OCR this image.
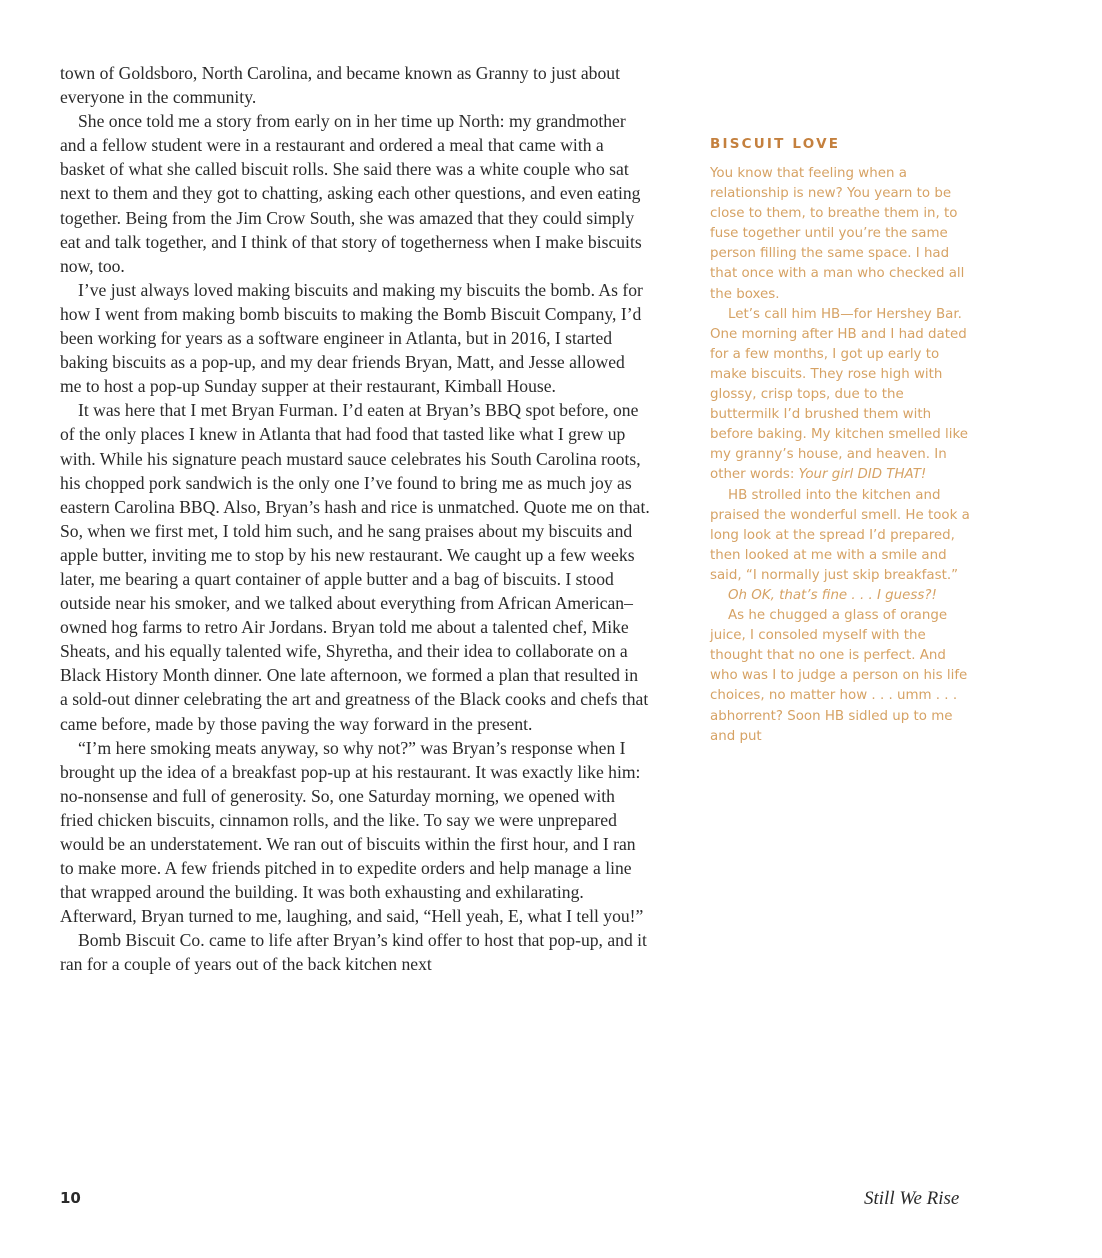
town of Goldsboro, North Carolina, and became known as Granny to just about everyone in the community.

She once told me a story from early on in her time up North: my grandmother and a fellow student were in a restaurant and ordered a meal that came with a basket of what she called biscuit rolls. She said there was a white couple who sat next to them and they got to chatting, asking each other questions, and even eating together. Being from the Jim Crow South, she was amazed that they could simply eat and talk together, and I think of that story of togetherness when I make biscuits now, too.

I’ve just always loved making biscuits and making my biscuits the bomb. As for how I went from making bomb biscuits to making the Bomb Biscuit Company, I’d been working for years as a software engineer in Atlanta, but in 2016, I started baking biscuits as a pop-up, and my dear friends Bryan, Matt, and Jesse allowed me to host a pop-up Sunday supper at their restaurant, Kimball House.

It was here that I met Bryan Furman. I’d eaten at Bryan’s BBQ spot before, one of the only places I knew in Atlanta that had food that tasted like what I grew up with. While his signature peach mustard sauce celebrates his South Carolina roots, his chopped pork sandwich is the only one I’ve found to bring me as much joy as eastern Carolina BBQ. Also, Bryan’s hash and rice is unmatched. Quote me on that. So, when we first met, I told him such, and he sang praises about my biscuits and apple butter, inviting me to stop by his new restaurant. We caught up a few weeks later, me bearing a quart container of apple butter and a bag of biscuits. I stood outside near his smoker, and we talked about everything from African American–owned hog farms to retro Air Jordans. Bryan told me about a talented chef, Mike Sheats, and his equally talented wife, Shyretha, and their idea to collaborate on a Black History Month dinner. One late afternoon, we formed a plan that resulted in a sold-out dinner celebrating the art and greatness of the Black cooks and chefs that came before, made by those paving the way forward in the present.

“I’m here smoking meats anyway, so why not?” was Bryan’s response when I brought up the idea of a breakfast pop-up at his restaurant. It was exactly like him: no-nonsense and full of generosity. So, one Saturday morning, we opened with fried chicken biscuits, cinnamon rolls, and the like. To say we were unprepared would be an understatement. We ran out of biscuits within the first hour, and I ran to make more. A few friends pitched in to expedite orders and help manage a line that wrapped around the building. It was both exhausting and exhilarating. Afterward, Bryan turned to me, laughing, and said, “Hell yeah, E, what I tell you!”

Bomb Biscuit Co. came to life after Bryan’s kind offer to host that pop-up, and it ran for a couple of years out of the back kitchen next

BISCUIT LOVE

You know that feeling when a relationship is new? You yearn to be close to them, to breathe them in, to fuse together until you’re the same person filling the same space. I had that once with a man who checked all the boxes.

Let’s call him HB—for Hershey Bar. One morning after HB and I had dated for a few months, I got up early to make biscuits. They rose high with glossy, crisp tops, due to the buttermilk I’d brushed them with before baking. My kitchen smelled like my granny’s house, and heaven. In other words: Your girl DID THAT!

HB strolled into the kitchen and praised the wonderful smell. He took a long look at the spread I’d prepared, then looked at me with a smile and said, “I normally just skip breakfast.”

Oh OK, that’s fine . . . I guess?!

As he chugged a glass of orange juice, I consoled myself with the thought that no one is perfect. And who was I to judge a person on his life choices, no matter how . . . umm . . . abhorrent? Soon HB sidled up to me and put

10	Still We Rise
